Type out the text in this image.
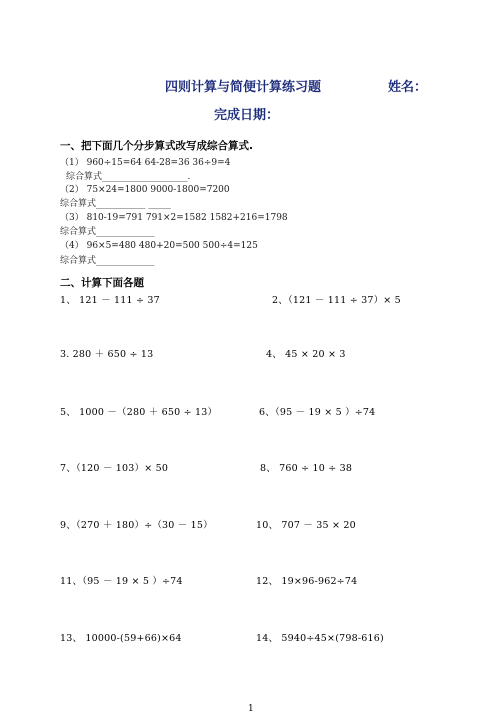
四则计算与简便计算练习题	姓名：
完成日期：
一、把下面几个分步算式改写成综合算式.
（1） 960÷15=64 64-28=36 36÷9=4
综合算式___________________.
（2） 75×24=1800 9000-1800=7200
综合算式___________ _____
（3） 810-19=791 791×2=1582 1582+216=1798
综合算式_____________
（4） 96×5=480 480+20=500 500÷4=125
综合算式_____________
二、计算下面各题
1、 121 － 111 ÷ 37	2、（121 － 111 ÷ 37）× 5
3. 280 ＋ 650 ÷ 13	4、 45 × 20 × 3
5、 1000 －（280 ＋ 650 ÷ 13）	6、（95 － 19 × 5 ）÷74
7、（120 － 103）× 50	8、 760 ÷ 10 ÷ 38
9、（270 ＋ 180）÷（30 － 15）	10、 707 － 35 × 20
11、（95 － 19 × 5 ）÷74	12、 19×96-962÷74
13、 10000-(59+66)×64	14、 5940÷45×(798-616)
1
